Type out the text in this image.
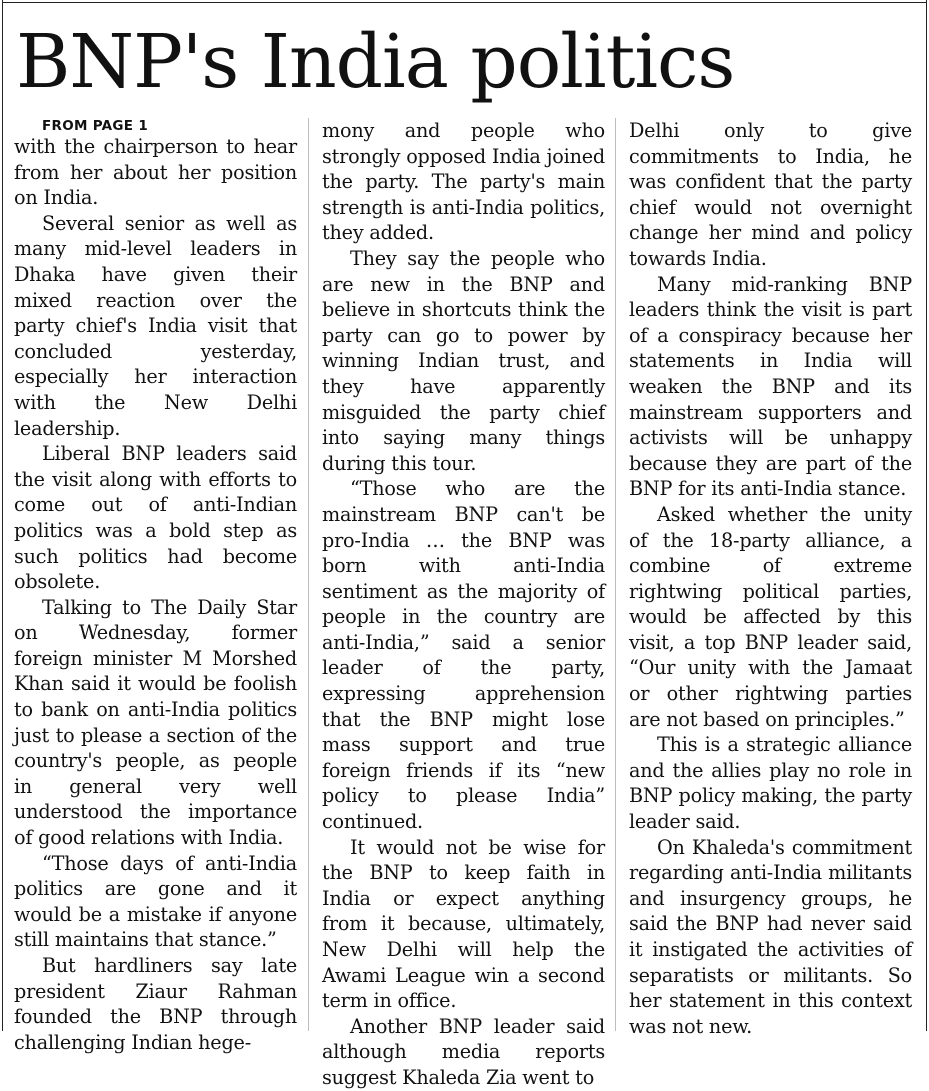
BNP's India politics

FROM PAGE 1

with the chairperson to hear from her about her position on India.

Several senior as well as many mid-level leaders in Dhaka have given their mixed reaction over the party chief's India visit that concluded yesterday, especially her interaction with the New Delhi leadership.

Liberal BNP leaders said the visit along with efforts to come out of anti-Indian politics was a bold step as such politics had become obsolete.

Talking to The Daily Star on Wednesday, former foreign minister M Morshed Khan said it would be foolish to bank on anti-India politics just to please a section of the country's people, as people in general very well understood the importance of good relations with India.

“Those days of anti-India politics are gone and it would be a mistake if anyone still maintains that stance.”

But hardliners say late president Ziaur Rahman founded the BNP through challenging Indian hege-

mony and people who strongly opposed India joined the party. The party's main strength is anti-India politics, they added.

They say the people who are new in the BNP and believe in shortcuts think the party can go to power by winning Indian trust, and they have apparently misguided the party chief into saying many things during this tour.

“Those who are the mainstream BNP can't be pro-India … the BNP was born with anti-India sentiment as the majority of people in the country are anti-India,” said a senior leader of the party, expressing apprehension that the BNP might lose mass support and true foreign friends if its “new policy to please India” continued.

It would not be wise for the BNP to keep faith in India or expect anything from it because, ultimately, New Delhi will help the Awami League win a second term in office.

Another BNP leader said although media reports suggest Khaleda Zia went to

Delhi only to give commitments to India, he was confident that the party chief would not overnight change her mind and policy towards India.

Many mid-ranking BNP leaders think the visit is part of a conspiracy because her statements in India will weaken the BNP and its mainstream supporters and activists will be unhappy because they are part of the BNP for its anti-India stance.

Asked whether the unity of the 18-party alliance, a combine of extreme rightwing political parties, would be affected by this visit, a top BNP leader said, “Our unity with the Jamaat or other rightwing parties are not based on principles.”

This is a strategic alliance and the allies play no role in BNP policy making, the party leader said.

On Khaleda's commitment regarding anti-India militants and insurgency groups, he said the BNP had never said it instigated the activities of separatists or militants. So her statement in this context was not new.
